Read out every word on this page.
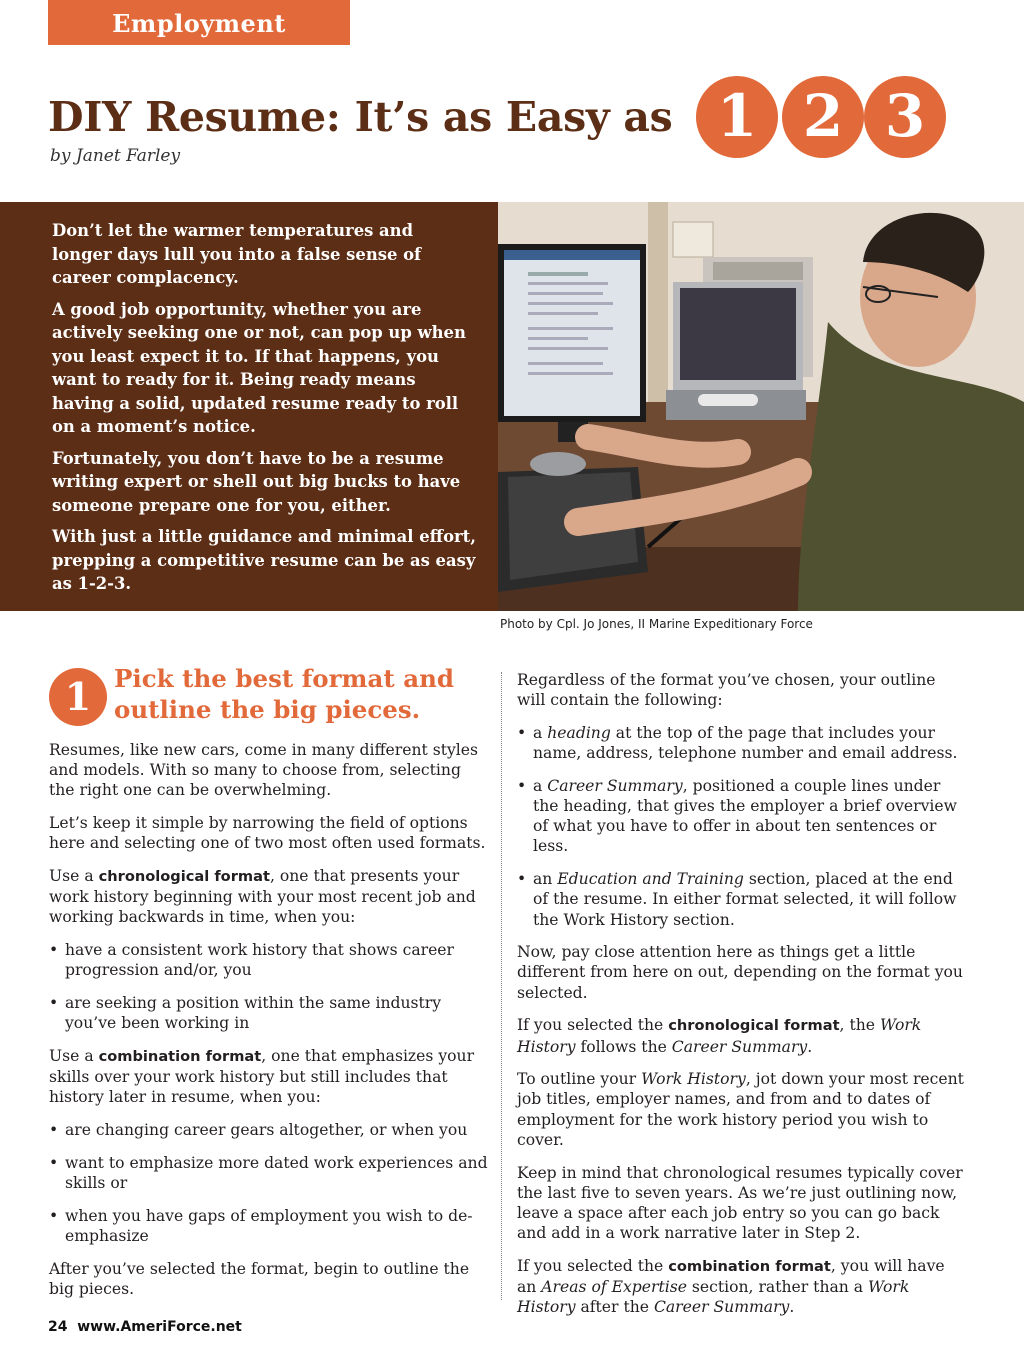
Employment
DIY Resume: It’s as Easy as 1 2 3
by Janet Farley

Don’t let the warmer temperatures and longer days lull you into a false sense of career complacency.

A good job opportunity, whether you are actively seeking one or not, can pop up when you least expect it to. If that happens, you want to ready for it. Being ready means having a solid, updated resume ready to roll on a moment’s notice.

Fortunately, you don’t have to be a resume writing expert or shell out big bucks to have someone prepare one for you, either.

With just a little guidance and minimal effort, prepping a competitive resume can be as easy as 1-2-3.

Photo by Cpl. Jo Jones, II Marine Expeditionary Force
1 Pick the best format and
outline the big pieces.

Resumes, like new cars, come in many different styles and models. With so many to choose from, selecting the right one can be overwhelming.

Let’s keep it simple by narrowing the field of options here and selecting one of two most often used formats.

Use a chronological format, one that presents your work history beginning with your most recent job and working backwards in time, when you:

• have a consistent work history that shows career progression and/or, you
• are seeking a position within the same industry you’ve been working in

Use a combination format, one that emphasizes your skills over your work history but still includes that history later in resume, when you:

• are changing career gears altogether, or when you
• want to emphasize more dated work experiences and skills or
• when you have gaps of employment you wish to de-emphasize

After you’ve selected the format, begin to outline the big pieces.

Regardless of the format you’ve chosen, your outline will contain the following:

• a heading at the top of the page that includes your name, address, telephone number and email address.
• a Career Summary, positioned a couple lines under the heading, that gives the employer a brief overview of what you have to offer in about ten sentences or less.
• an Education and Training section, placed at the end of the resume. In either format selected, it will follow the Work History section.

Now, pay close attention here as things get a little different from here on out, depending on the format you selected.

If you selected the chronological format, the Work History follows the Career Summary.

To outline your Work History, jot down your most recent job titles, employer names, and from and to dates of employment for the work history period you wish to cover.

Keep in mind that chronological resumes typically cover the last five to seven years. As we’re just outlining now, leave a space after each job entry so you can go back and add in a work narrative later in Step 2.

If you selected the combination format, you will have an Areas of Expertise section, rather than a Work History after the Career Summary.

24 www.AmeriForce.net
